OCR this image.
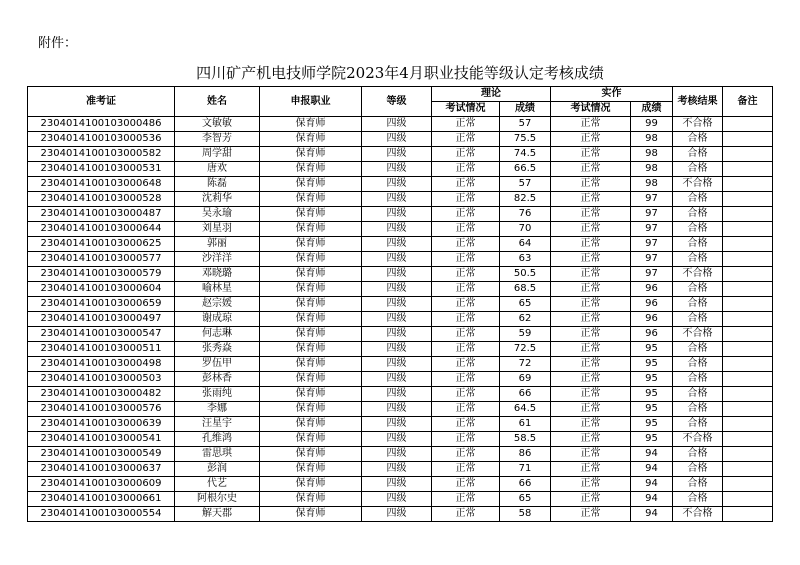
附件：
四川矿产机电技师学院2023年4月职业技能等级认定考核成绩
准考证	姓名	申报职业	等级	理论		实作		考核结果	备注
				考试情况	成绩	考试情况	成绩		
2304014100103000486	文敏敏	保育师	四级	正常	57	正常	99	不合格	
2304014100103000536	李智芳	保育师	四级	正常	75.5	正常	98	合格	
2304014100103000582	周学甜	保育师	四级	正常	74.5	正常	98	合格	
2304014100103000531	唐欢	保育师	四级	正常	66.5	正常	98	合格	
2304014100103000648	陈磊	保育师	四级	正常	57	正常	98	不合格	
2304014100103000528	沈莉华	保育师	四级	正常	82.5	正常	97	合格	
2304014100103000487	吴永瑜	保育师	四级	正常	76	正常	97	合格	
2304014100103000644	刘星羽	保育师	四级	正常	70	正常	97	合格	
2304014100103000625	郭丽	保育师	四级	正常	64	正常	97	合格	
2304014100103000577	沙洋洋	保育师	四级	正常	63	正常	97	合格	
2304014100103000579	邓晓璐	保育师	四级	正常	50.5	正常	97	不合格	
2304014100103000604	喻林星	保育师	四级	正常	68.5	正常	96	合格	
2304014100103000659	赵宗媛	保育师	四级	正常	65	正常	96	合格	
2304014100103000497	谢成琼	保育师	四级	正常	62	正常	96	合格	
2304014100103000547	何志琳	保育师	四级	正常	59	正常	96	不合格	
2304014100103000511	张秀焱	保育师	四级	正常	72.5	正常	95	合格	
2304014100103000498	罗伍甲	保育师	四级	正常	72	正常	95	合格	
2304014100103000503	彭林香	保育师	四级	正常	69	正常	95	合格	
2304014100103000482	张雨纯	保育师	四级	正常	66	正常	95	合格	
2304014100103000576	李娜	保育师	四级	正常	64.5	正常	95	合格	
2304014100103000639	汪星宇	保育师	四级	正常	61	正常	95	合格	
2304014100103000541	孔维鸿	保育师	四级	正常	58.5	正常	95	不合格	
2304014100103000549	雷思琪	保育师	四级	正常	86	正常	94	合格	
2304014100103000637	彭润	保育师	四级	正常	71	正常	94	合格	
2304014100103000609	代艺	保育师	四级	正常	66	正常	94	合格	
2304014100103000661	阿根尔史	保育师	四级	正常	65	正常	94	合格	
2304014100103000554	解天郡	保育师	四级	正常	58	正常	94	不合格	
